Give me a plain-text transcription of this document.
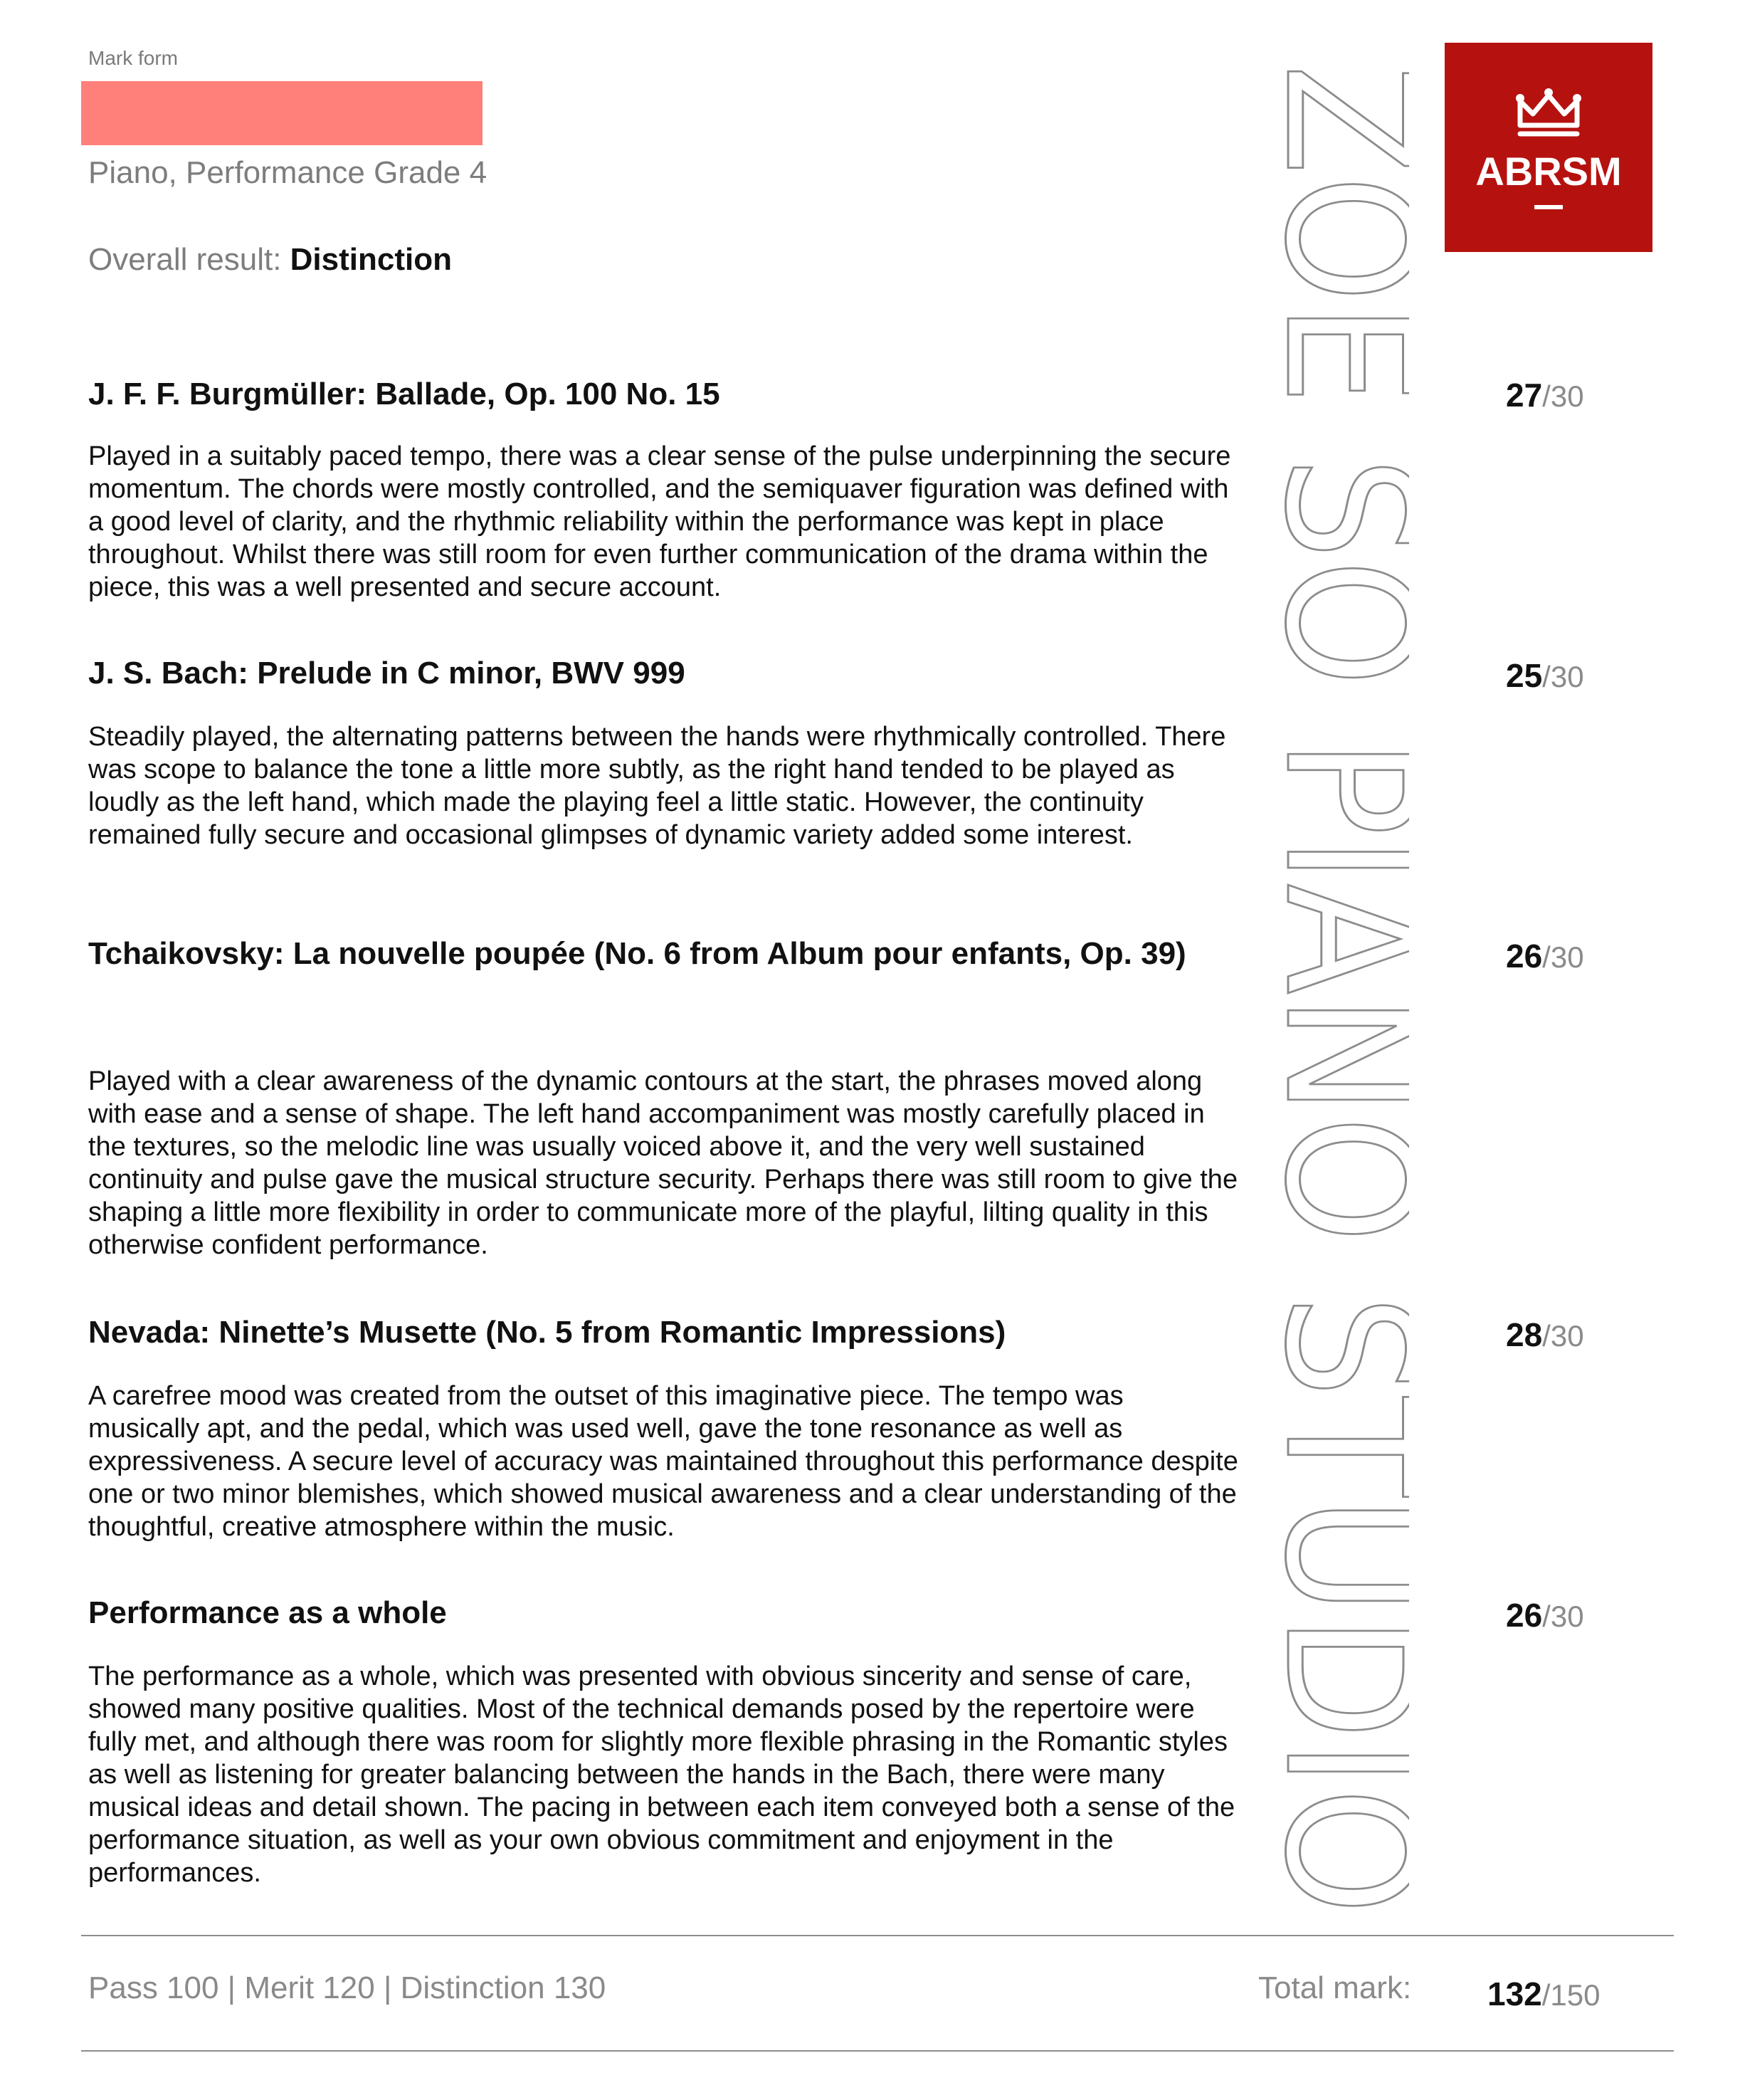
Mark form
Piano, Performance Grade 4
Overall result: Distinction
ABRSM
ZOE SO PIANO STUD
J. F. F. Burgmüller: Ballade, Op. 100 No. 15	27/30
Played in a suitably paced tempo, there was a clear sense of the pulse underpinning the secure momentum. The chords were mostly controlled, and the semiquaver figuration was defined with a good level of clarity, and the rhythmic reliability within the performance was kept in place throughout. Whilst there was still room for even further communication of the drama within the piece, this was a well presented and secure account.
J. S. Bach: Prelude in C minor, BWV 999	25/30
Steadily played, the alternating patterns between the hands were rhythmically controlled. There was scope to balance the tone a little more subtly, as the right hand tended to be played as loudly as the left hand, which made the playing feel a little static. However, the continuity remained fully secure and occasional glimpses of dynamic variety added some interest.
Tchaikovsky: La nouvelle poupée (No. 6 from Album pour enfants, Op. 39)	26/30
Played with a clear awareness of the dynamic contours at the start, the phrases moved along with ease and a sense of shape. The left hand accompaniment was mostly carefully placed in the textures, so the melodic line was usually voiced above it, and the very well sustained continuity and pulse gave the musical structure security. Perhaps there was still room to give the shaping a little more flexibility in order to communicate more of the playful, lilting quality in this otherwise confident performance.
Nevada: Ninette’s Musette (No. 5 from Romantic Impressions)	28/30
A carefree mood was created from the outset of this imaginative piece. The tempo was musically apt, and the pedal, which was used well, gave the tone resonance as well as expressiveness. A secure level of accuracy was maintained throughout this performance despite one or two minor blemishes, which showed musical awareness and a clear understanding of the thoughtful, creative atmosphere within the music.
Performance as a whole	26/30
The performance as a whole, which was presented with obvious sincerity and sense of care, showed many positive qualities. Most of the technical demands posed by the repertoire were fully met, and although there was room for slightly more flexible phrasing in the Romantic styles as well as listening for greater balancing between the hands in the Bach, there were many musical ideas and detail shown. The pacing in between each item conveyed both a sense of the performance situation, as well as your own obvious commitment and enjoyment in the performances.
Pass 100 | Merit 120 | Distinction 130	Total mark: 132/150
